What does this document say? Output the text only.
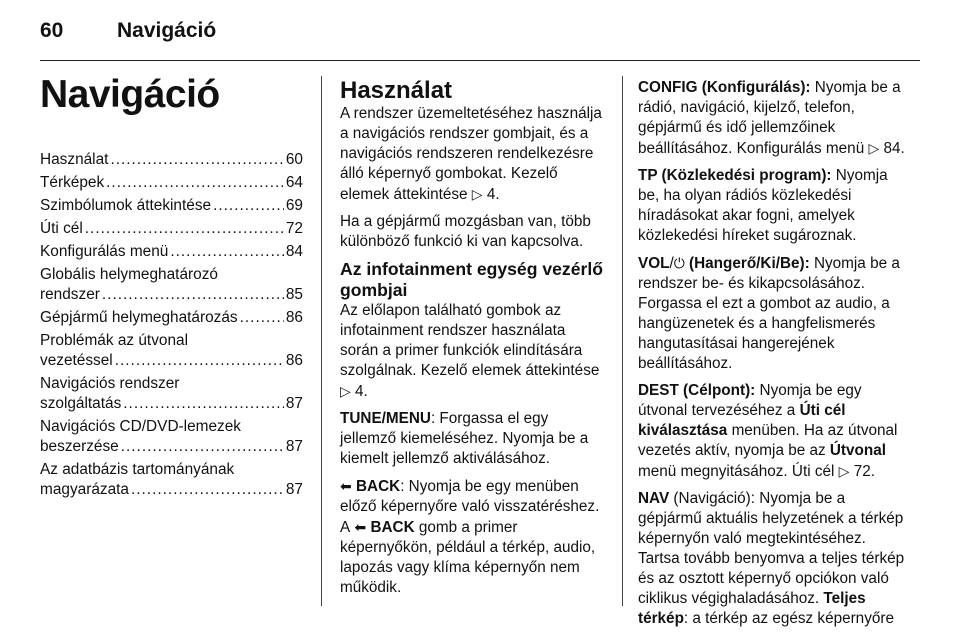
60	Navigáció
Navigáció
Használat .....	60
Térképek .....	64
Szimbólumok áttekintése .....	69
Úti cél .....	72
Konfigurálás menü .....	84
Globális helymeghatározó
rendszer .....	85
Gépjármű helymeghatározás .....	86
Problémák az útvonal
vezetéssel .....	86
Navigációs rendszer
szolgáltatás .....	87
Navigációs CD/DVD-lemezek
beszerzése .....	87
Az adatbázis tartományának
magyarázata .....	87
Használat

A rendszer üzemeltetéséhez használja a navigációs rendszer gombjait, és a navigációs rendszeren rendelkezésre álló képernyő gombokat. Kezelő elemek áttekintése ▷ 4.

Ha a gépjármű mozgásban van, több különböző funkció ki van kapcsolva.

Az infotainment egység vezérlő gombjai

Az előlapon található gombok az infotainment rendszer használata során a primer funkciók elindítására szolgálnak. Kezelő elemek áttekintése ▷ 4.

TUNE/MENU: Forgassa el egy jellemző kiemeléséhez. Nyomja be a kiemelt jellemző aktiválásához.

⬅ BACK: Nyomja be egy menüben előző képernyőre való visszatéréshez. A ⬅ BACK gomb a primer képernyőkön, például a térkép, audio, lapozás vagy klíma képernyőn nem működik.

CONFIG (Konfigurálás): Nyomja be a rádió, navigáció, kijelző, telefon, gépjármű és idő jellemzőinek beállításához. Konfigurálás menü ▷ 84.

TP (Közlekedési program): Nyomja be, ha olyan rádiós közlekedési híradásokat akar fogni, amelyek közlekedési híreket sugároznak.

VOL/⏻ (Hangerő/Ki/Be): Nyomja be a rendszer be- és kikapcsolásához. Forgassa el ezt a gombot az audio, a hangüzenetek és a hangfelismerés hangutasításai hangerejének beállításához.

DEST (Célpont): Nyomja be egy útvonal tervezéséhez a Úti cél kiválasztása menüben. Ha az útvonal vezetés aktív, nyomja be az Útvonal menü megnyitásához. Úti cél ▷ 72.

NAV (Navigáció): Nyomja be a gépjármű aktuális helyzetének a térkép képernyőn való megtekintéséhez. Tartsa tovább benyomva a teljes térkép és az osztott képernyő opciókon való ciklikus végighaladásához. Teljes térkép: a térkép az egész képernyőre
